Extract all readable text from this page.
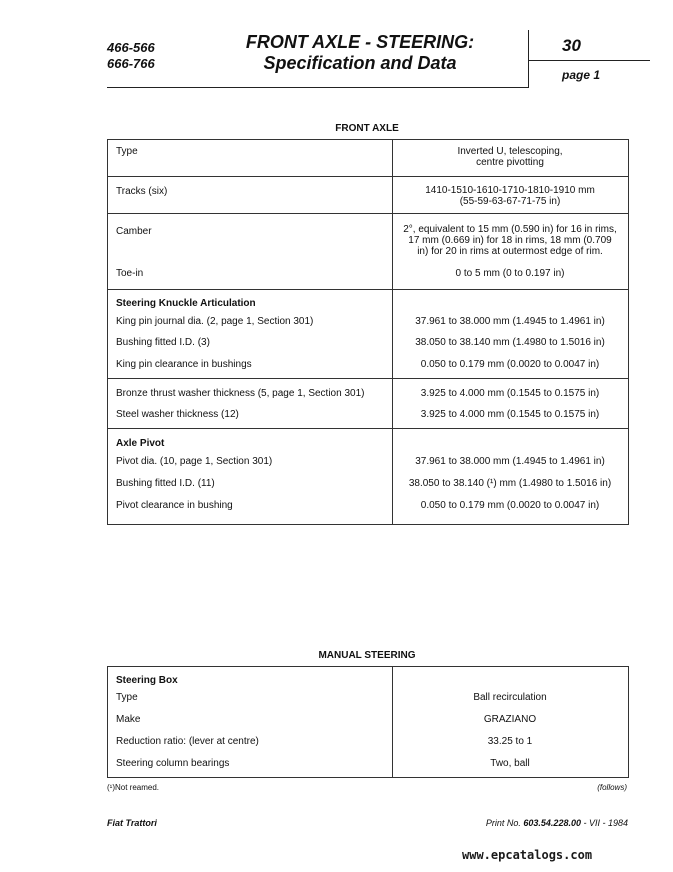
466-566
666-766
FRONT AXLE - STEERING:
Specification and Data
30
page 1
FRONT AXLE
Type	Inverted U, telescoping,
centre pivotting
Tracks (six)	1410-1510-1610-1710-1810-1910 mm
(55-59-63-67-71-75 in)
Camber	2°, equivalent to 15 mm (0.590 in) for 16 in rims,
17 mm (0.669 in) for 18 in rims, 18 mm (0.709
in) for 20 in rims at outermost edge of rim.
Toe-in	0 to 5 mm (0 to 0.197 in)
Steering Knuckle Articulation
King pin journal dia. (2, page 1, Section 301)	37.961 to 38.000 mm (1.4945 to 1.4961 in)
Bushing fitted I.D. (3)	38.050 to 38.140 mm (1.4980 to 1.5016 in)
King pin clearance in bushings	0.050 to 0.179 mm (0.0020 to 0.0047 in)
Bronze thrust washer thickness (5, page 1, Section 301)	3.925 to 4.000 mm (0.1545 to 0.1575 in)
Steel washer thickness (12)	3.925 to 4.000 mm (0.1545 to 0.1575 in)
Axle Pivot
Pivot dia. (10, page 1, Section 301)	37.961 to 38.000 mm (1.4945 to 1.4961 in)
Bushing fitted I.D. (11)	38.050 to 38.140 (¹) mm (1.4980 to 1.5016 in)
Pivot clearance in bushing	0.050 to 0.179 mm (0.0020 to 0.0047 in)
MANUAL STEERING
Steering Box
Type	Ball recirculation
Make	GRAZIANO
Reduction ratio: (lever at centre)	33.25 to 1
Steering column bearings	Two, ball
(¹)Not reamed.	(follows)
Fiat Trattori	Print No. 603.54.228.00 - VII - 1984
www.epcatalogs.com
